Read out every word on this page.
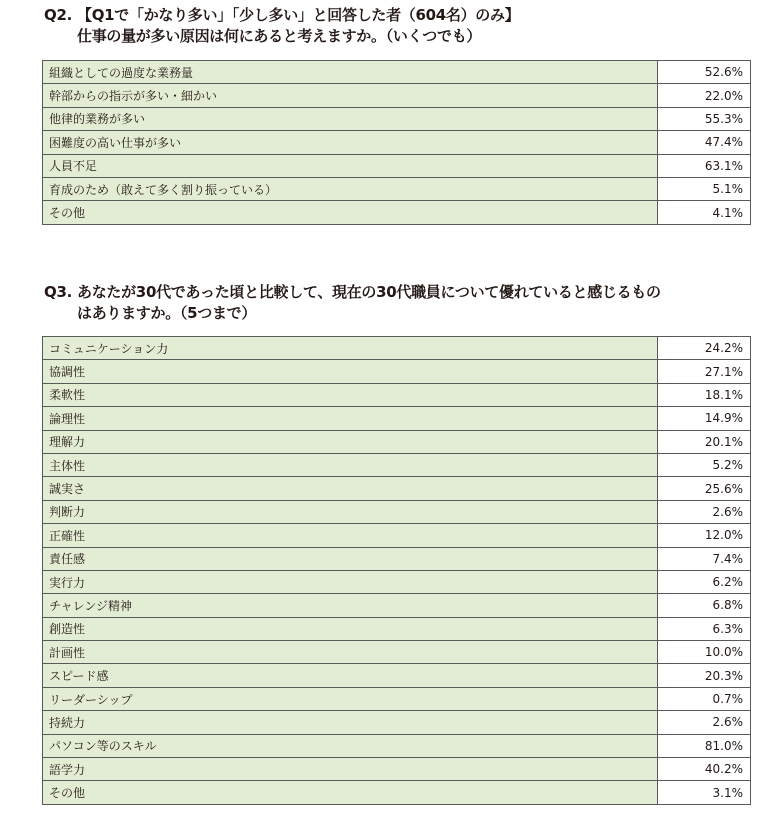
Q2. 【Q1で「かなり多い」「少し多い」と回答した者（604名）のみ】
仕事の量が多い原因は何にあると考えますか。（いくつでも）
組織としての過度な業務量	52.6%
幹部からの指示が多い・細かい	22.0%
他律的業務が多い	55.3%
困難度の高い仕事が多い	47.4%
人員不足	63.1%
育成のため（敢えて多く割り振っている）	5.1%
その他	4.1%
Q3. あなたが30代であった頃と比較して、現在の30代職員について優れていると感じるもの
はありますか。（5つまで）
コミュニケーション力	24.2%
協調性	27.1%
柔軟性	18.1%
論理性	14.9%
理解力	20.1%
主体性	5.2%
誠実さ	25.6%
判断力	2.6%
正確性	12.0%
責任感	7.4%
実行力	6.2%
チャレンジ精神	6.8%
創造性	6.3%
計画性	10.0%
スピード感	20.3%
リーダーシップ	0.7%
持続力	2.6%
パソコン等のスキル	81.0%
語学力	40.2%
その他	3.1%
